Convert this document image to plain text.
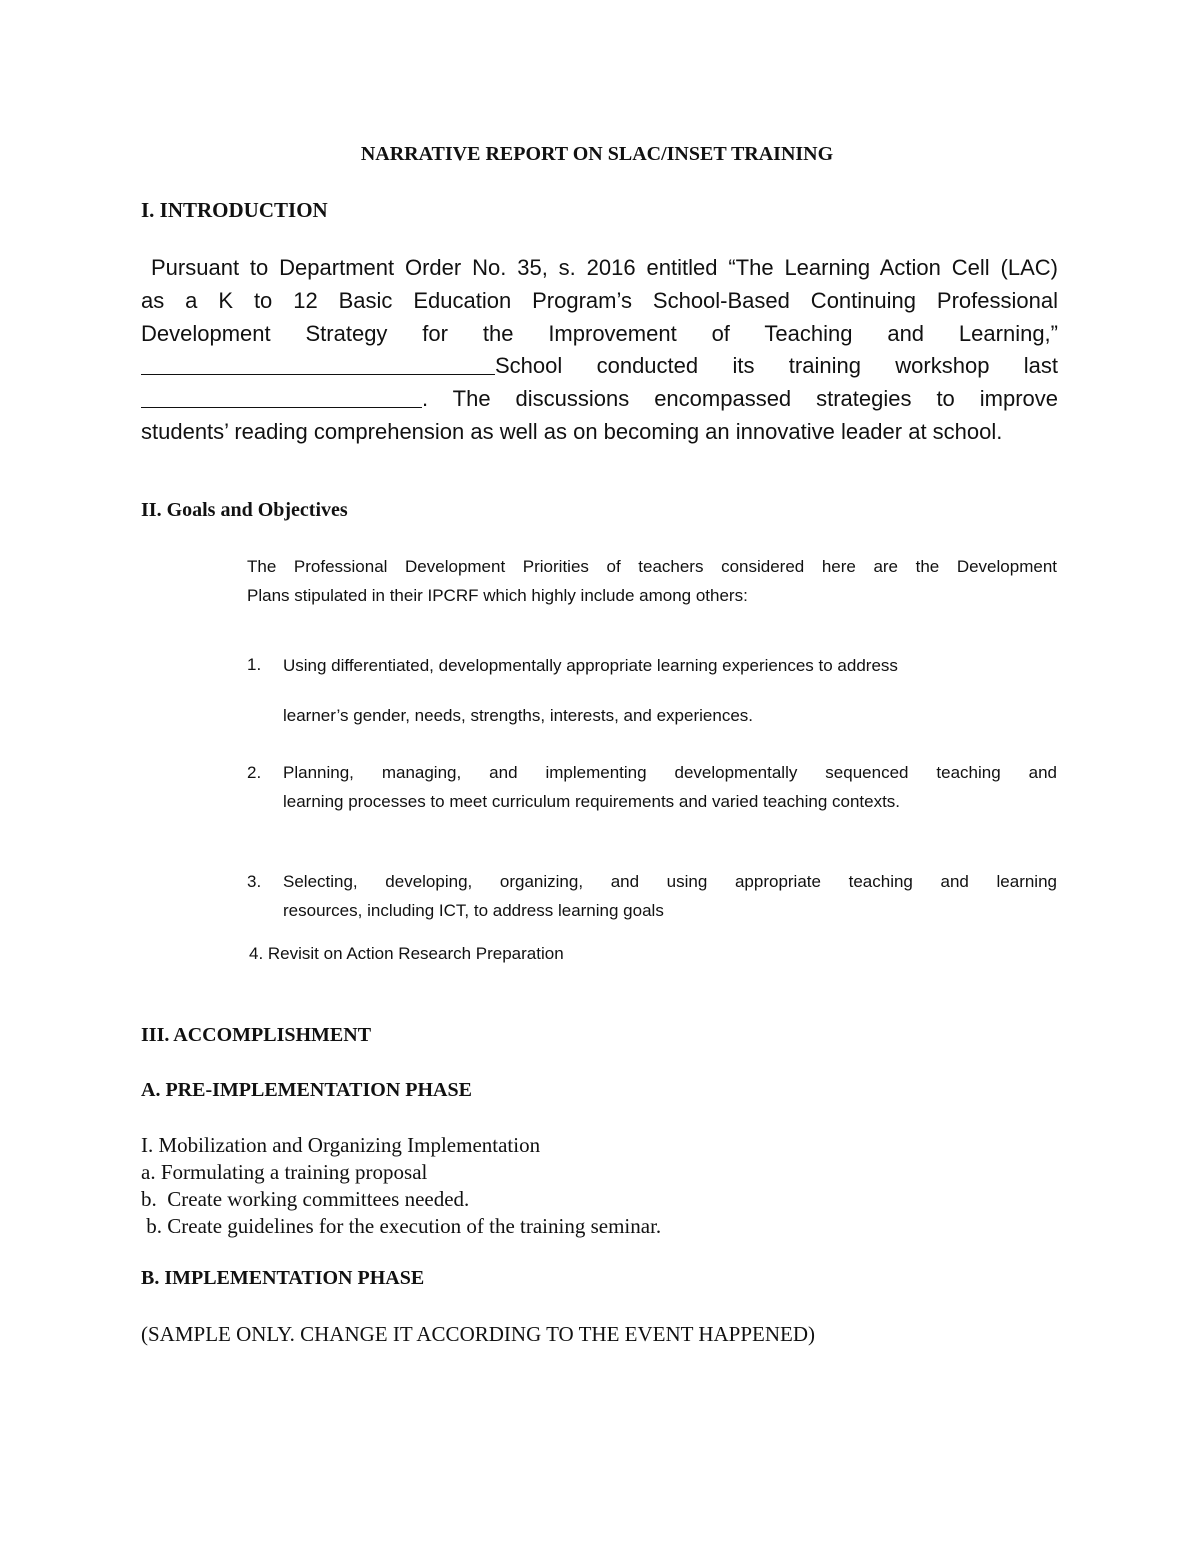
NARRATIVE REPORT ON SLAC/INSET TRAINING
I. INTRODUCTION
Pursuant to Department Order No. 35, s. 2016 entitled “The Learning Action Cell (LAC)
as a K to 12 Basic Education Program’s School-Based Continuing Professional
Development Strategy for the Improvement of Teaching and Learning,”
School conducted its training workshop last
. The discussions encompassed strategies to improve
students’ reading comprehension as well as on becoming an innovative leader at school.
II. Goals and Objectives
The Professional Development Priorities of teachers considered here are the Development
Plans stipulated in their IPCRF which highly include among others:
1. Using differentiated, developmentally appropriate learning experiences to address
learner’s gender, needs, strengths, interests, and experiences.
2. Planning, managing, and implementing developmentally sequenced teaching and
learning processes to meet curriculum requirements and varied teaching contexts.
3. Selecting, developing, organizing, and using appropriate teaching and learning
resources, including ICT, to address learning goals
4. Revisit on Action Research Preparation
III. ACCOMPLISHMENT
A. PRE-IMPLEMENTATION PHASE
I. Mobilization and Organizing Implementation
a. Formulating a training proposal
b.  Create working committees needed.
b. Create guidelines for the execution of the training seminar.
B. IMPLEMENTATION PHASE

(SAMPLE ONLY. CHANGE IT ACCORDING TO THE EVENT HAPPENED)
